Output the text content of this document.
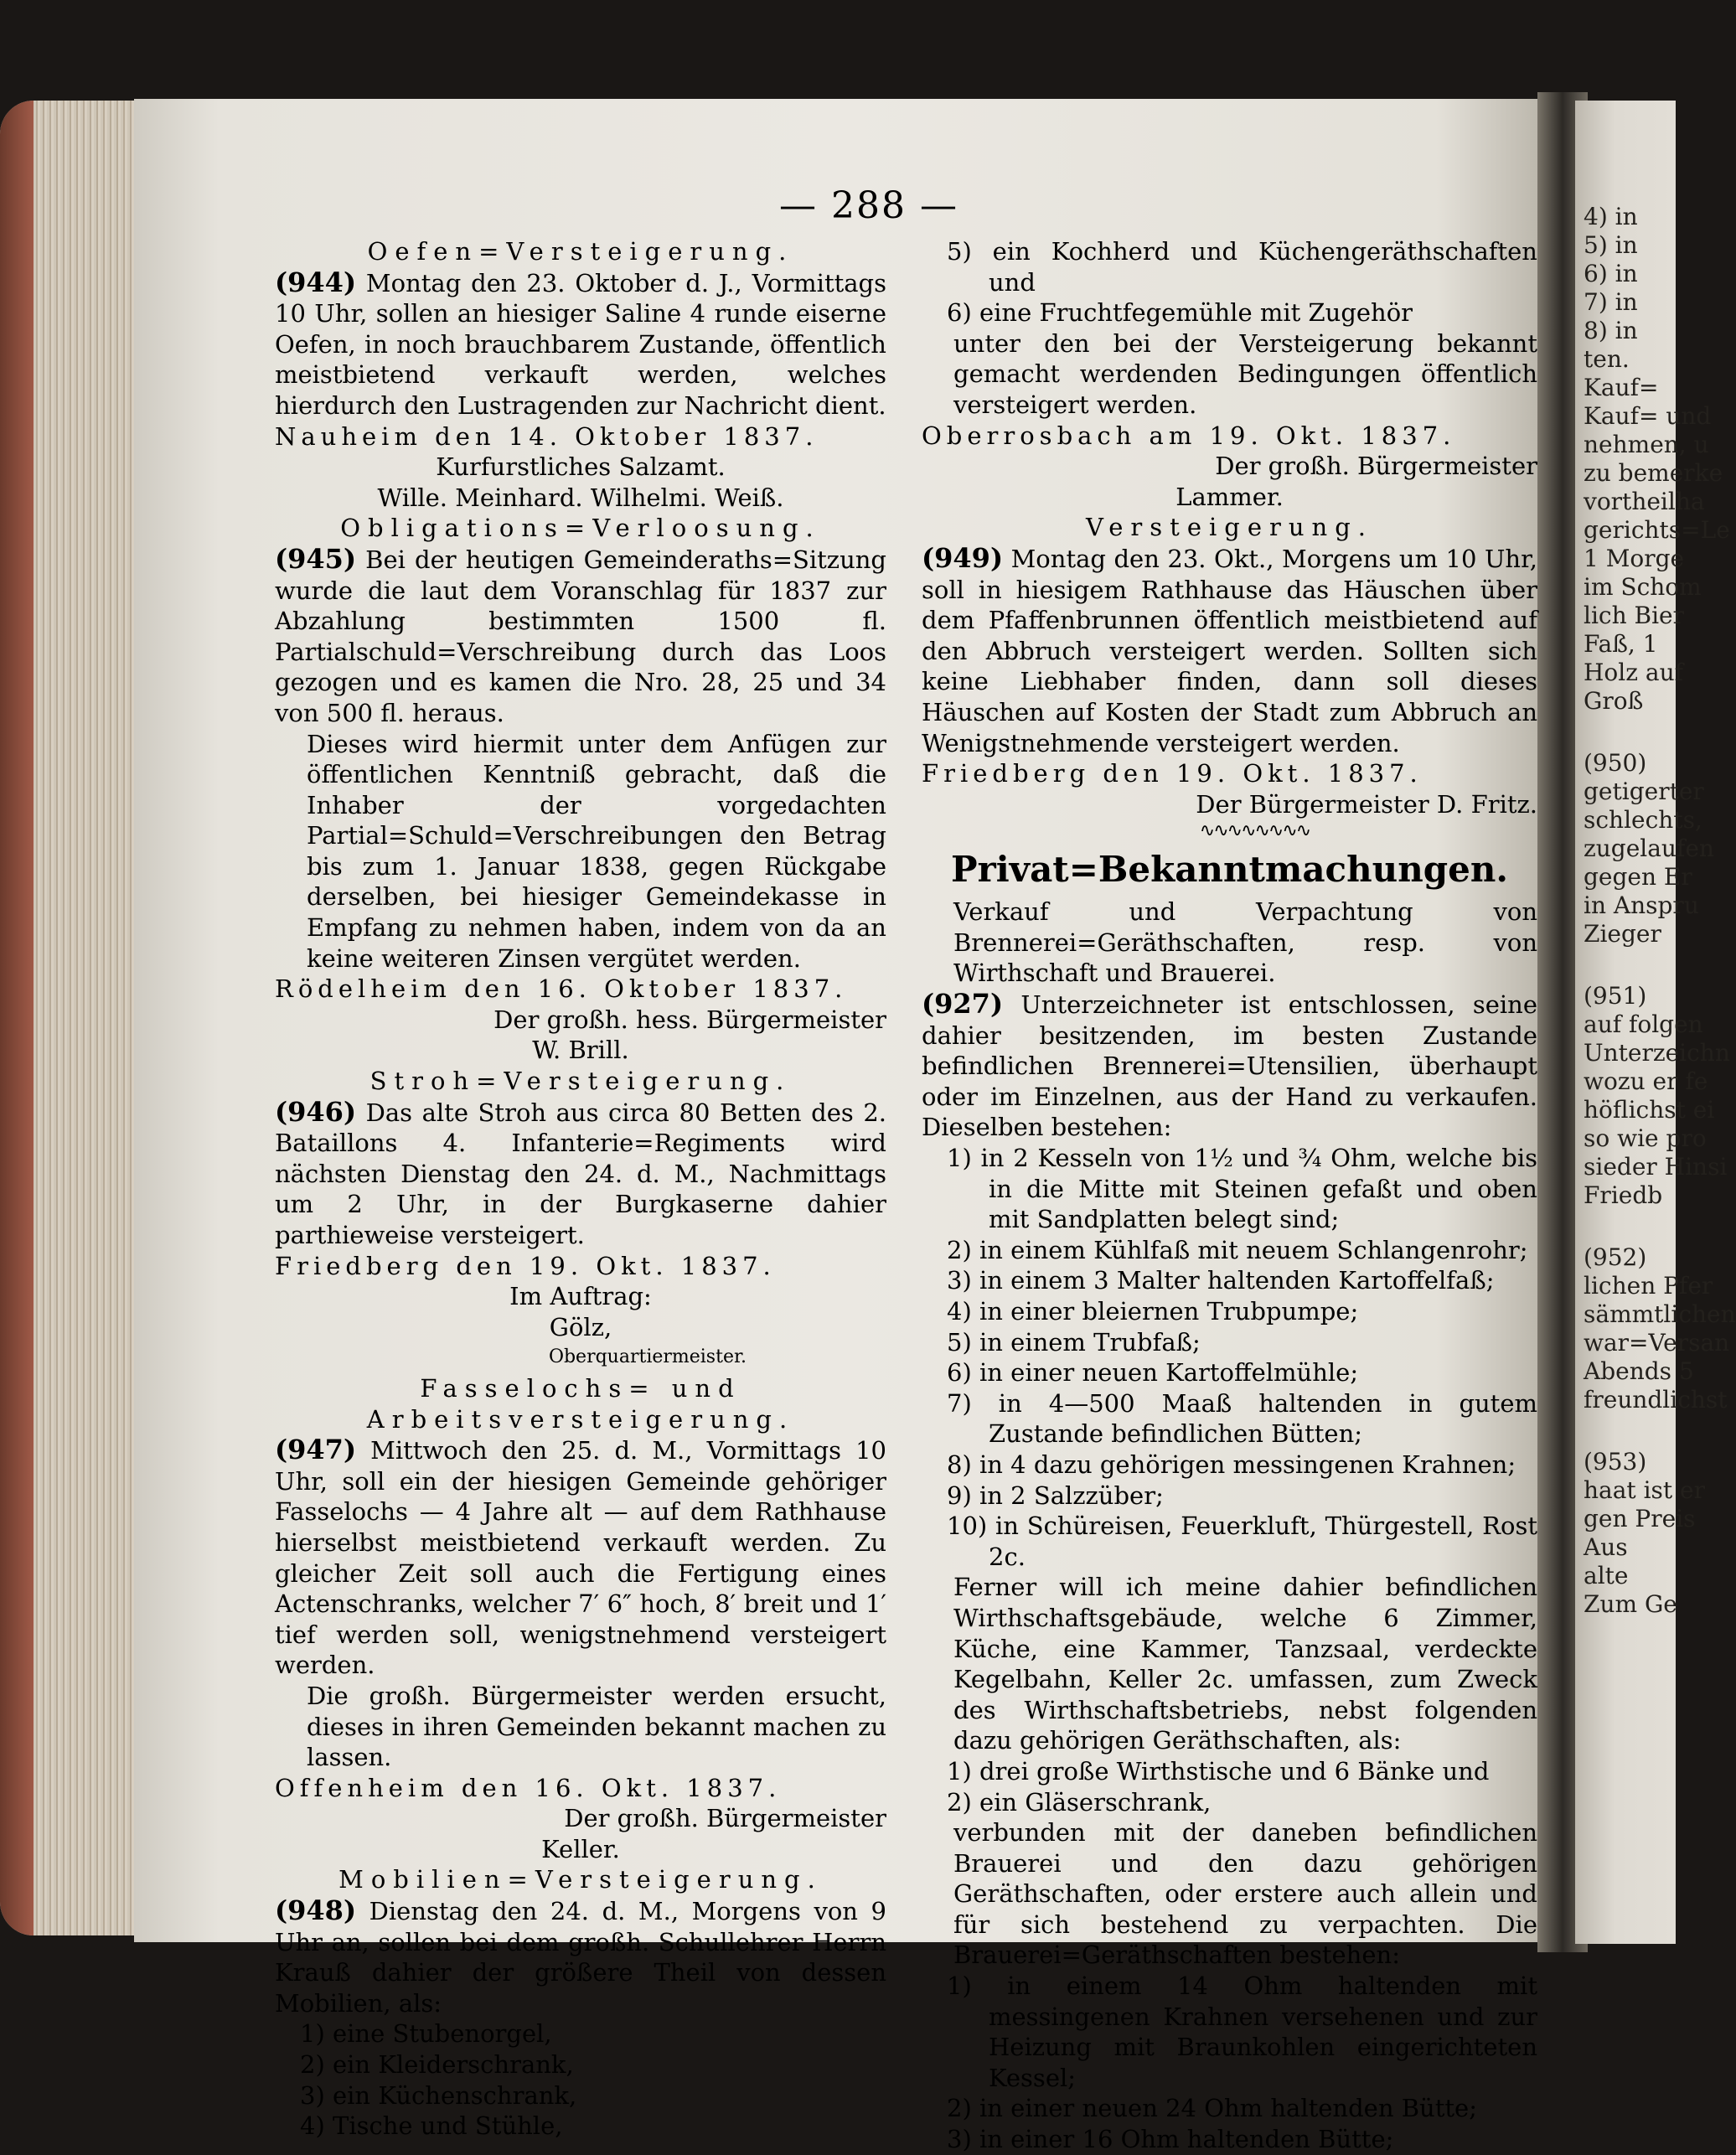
4) in
5) in
6) in
7) in
8) in
ten.
Kauf=
Kauf= und
nehmen, u
zu bemerke
vortheilha
gerichts=Le
1 Morge
im Schom
lich Bier
Faß, 1
Holz auf
Groß
(950)
getigerter
schlechts,
zugelaufen
gegen Er
in Anspru
Zieger
(951)
auf folgen
Unterzeichn
wozu er fe
höflichst ei
so wie pro
sieder Hinsi
Friedb
(952)
lichen Pfer
sämmtlichen
war=Versan
Abends 5
freundlichst
(953)
haat ist er
gen Preis
Aus
alte
Zum Ge
— 288 —

Oefen=Versteigerung.

(944) Montag den 23. Oktober d. J., Vormittags 10 Uhr, sollen an hiesiger Saline 4 runde eiserne Oefen, in noch brauchbarem Zustande, öffentlich meistbietend verkauft werden, welches hierdurch den Lustragenden zur Nachricht dient.

Nauheim den 14. Oktober 1837.

Kurfurstliches Salzamt.

Wille. Meinhard. Wilhelmi. Weiß.

Obligations=Verloosung.

(945) Bei der heutigen Gemeinderaths=Sitzung wurde die laut dem Voranschlag für 1837 zur Abzahlung bestimmten 1500 fl. Partialschuld=Verschreibung durch das Loos gezogen und es kamen die Nro. 28, 25 und 34 von 500 fl. heraus.

Dieses wird hiermit unter dem Anfügen zur öffentlichen Kenntniß gebracht, daß die Inhaber der vorgedachten Partial=Schuld=Verschreibungen den Betrag bis zum 1. Januar 1838, gegen Rückgabe derselben, bei hiesiger Gemeindekasse in Empfang zu nehmen haben, indem von da an keine weiteren Zinsen vergütet werden.

Rödelheim den 16. Oktober 1837.

Der großh. hess. Bürgermeister

W. Brill.

Stroh=Versteigerung.

(946) Das alte Stroh aus circa 80 Betten des 2. Bataillons 4. Infanterie=Regiments wird nächsten Dienstag den 24. d. M., Nachmittags um 2 Uhr, in der Burgkaserne dahier parthieweise versteigert.

Friedberg den 19. Okt. 1837.

Im Auftrag:

Gölz,

Oberquartiermeister.

Fasselochs= und Arbeitsversteigerung.

(947) Mittwoch den 25. d. M., Vormittags 10 Uhr, soll ein der hiesigen Gemeinde gehöriger Fasselochs — 4 Jahre alt — auf dem Rathhause hierselbst meistbietend verkauft werden. Zu gleicher Zeit soll auch die Fertigung eines Actenschranks, welcher 7′ 6″ hoch, 8′ breit und 1′ tief werden soll, wenigstnehmend versteigert werden.

Die großh. Bürgermeister werden ersucht, dieses in ihren Gemeinden bekannt machen zu lassen.

Offenheim den 16. Okt. 1837.

Der großh. Bürgermeister

Keller.

Mobilien=Versteigerung.

(948) Dienstag den 24. d. M., Morgens von 9 Uhr an, sollen bei dem großh. Schullehrer Herrn Krauß dahier der größere Theil von dessen Mobilien, als:

1) eine Stubenorgel,

2) ein Kleiderschrank,

3) ein Küchenschrank,

4) Tische und Stühle,

5) ein Kochherd und Küchengeräthschaften und

6) eine Fruchtfegemühle mit Zugehör

unter den bei der Versteigerung bekannt gemacht werdenden Bedingungen öffentlich versteigert werden.

Oberrosbach am 19. Okt. 1837.

Der großh. Bürgermeister

Lammer.

Versteigerung.

(949) Montag den 23. Okt., Morgens um 10 Uhr, soll in hiesigem Rathhause das Häuschen über dem Pfaffenbrunnen öffentlich meistbietend auf den Abbruch versteigert werden. Sollten sich keine Liebhaber finden, dann soll dieses Häuschen auf Kosten der Stadt zum Abbruch an Wenigstnehmende versteigert werden.

Friedberg den 19. Okt. 1837.

Der Bürgermeister D. Fritz.

∿∿∿∿∿∿∿∿

Privat=Bekanntmachungen.

Verkauf und Verpachtung von Brennerei=Geräthschaften, resp. von Wirthschaft und Brauerei.

(927) Unterzeichneter ist entschlossen, seine dahier besitzenden, im besten Zustande befindlichen Brennerei=Utensilien, überhaupt oder im Einzelnen, aus der Hand zu verkaufen. Dieselben bestehen:

1) in 2 Kesseln von 1½ und ¾ Ohm, welche bis in die Mitte mit Steinen gefaßt und oben mit Sandplatten belegt sind;

2) in einem Kühlfaß mit neuem Schlangenrohr;

3) in einem 3 Malter haltenden Kartoffelfaß;

4) in einer bleiernen Trubpumpe;

5) in einem Trubfaß;

6) in einer neuen Kartoffelmühle;

7) in 4—500 Maaß haltenden in gutem Zustande befindlichen Bütten;

8) in 4 dazu gehörigen messingenen Krahnen;

9) in 2 Salzzüber;

10) in Schüreisen, Feuerkluft, Thürgestell, Rost 2c.

Ferner will ich meine dahier befindlichen Wirthschaftsgebäude, welche 6 Zimmer, Küche, eine Kammer, Tanzsaal, verdeckte Kegelbahn, Keller 2c. umfassen, zum Zweck des Wirthschaftsbetriebs, nebst folgenden dazu gehörigen Geräthschaften, als:

1) drei große Wirthstische und 6 Bänke und

2) ein Gläserschrank,

verbunden mit der daneben befindlichen Brauerei und den dazu gehörigen Geräthschaften, oder erstere auch allein und für sich bestehend zu verpachten. Die Brauerei=Geräthschaften bestehen:

1) in einem 14 Ohm haltenden mit messingenen Krahnen versehenen und zur Heizung mit Braunkohlen eingerichteten Kessel;

2) in einer neuen 24 Ohm haltenden Bütte;

3) in einer 16 Ohm haltenden Bütte;
